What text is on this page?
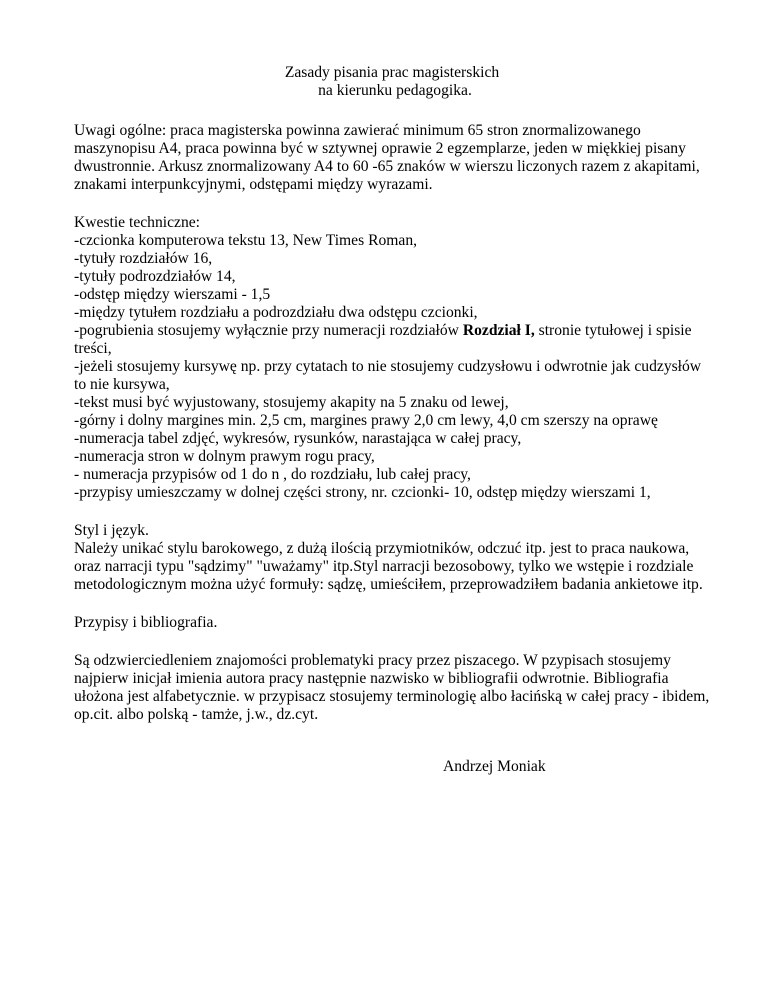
Zasady pisania prac magisterskich
na kierunku pedagogika.

Uwagi ogólne: praca magisterska powinna zawierać minimum 65 stron znormalizowanego maszynopisu A4, praca powinna być w sztywnej oprawie 2 egzemplarze, jeden w miękkiej pisany dwustronnie. Arkusz znormalizowany A4 to 60 -65 znaków w wierszu liczonych razem z akapitami, znakami interpunkcyjnymi, odstępami między wyrazami.

Kwestie techniczne:
-czcionka komputerowa tekstu 13, New Times Roman,
-tytuły rozdziałów 16,
-tytuły podrozdziałów 14,
-odstęp między wierszami - 1,5
-między tytułem rozdziału a podrozdziału dwa odstępu czcionki,
-pogrubienia stosujemy wyłącznie przy numeracji rozdziałów Rozdział I, stronie tytułowej i spisie treści,
-jeżeli stosujemy kursywę np. przy cytatach to nie stosujemy cudzysłowu i odwrotnie jak cudzysłów to nie kursywa,
-tekst musi być wyjustowany, stosujemy akapity na 5 znaku od lewej,
-górny i dolny margines min. 2,5 cm, margines prawy 2,0 cm lewy, 4,0 cm szerszy na oprawę
-numeracja tabel zdjęć, wykresów, rysunków, narastająca w całej pracy,
-numeracja stron w dolnym prawym rogu pracy,
- numeracja przypisów od 1 do n , do rozdziału, lub całej pracy,
-przypisy umieszczamy w dolnej części strony, nr. czcionki- 10, odstęp między wierszami 1,
Styl i język.
Należy unikać stylu barokowego, z dużą ilością przymiotników, odczuć itp. jest to praca naukowa, oraz narracji typu "sądzimy" "uważamy" itp.Styl narracji bezosobowy, tylko we wstępie i rozdziale metodologicznym można użyć formuły: sądzę, umieściłem, przeprowadziłem badania ankietowe itp.

Przypisy i bibliografia.

Są odzwierciedleniem znajomości problematyki pracy przez piszacego. W pzypisach stosujemy najpierw inicjał imienia autora pracy następnie nazwisko w bibliografii odwrotnie. Bibliografia ułożona jest alfabetycznie. w przypisacz stosujemy terminologię albo łacińską w całej pracy - ibidem, op.cit. albo polską - tamże, j.w., dz.cyt.

Andrzej Moniak
